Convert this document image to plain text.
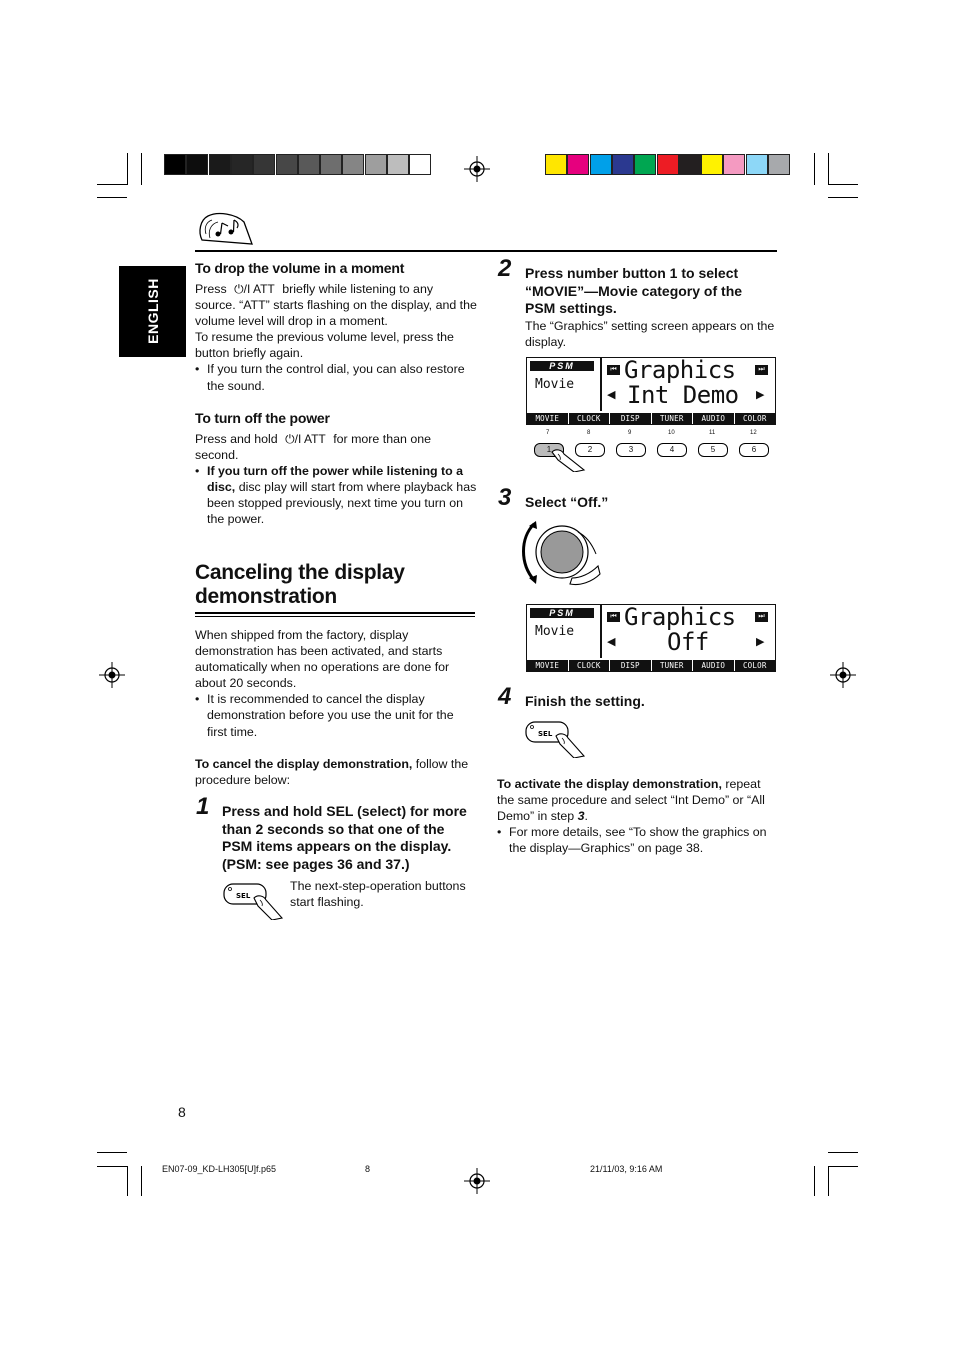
ENGLISH
To drop the volume in a moment
Press ⏻/I ATT briefly while listening to any source. “ATT” starts flashing on the display, and the volume level will drop in a moment.
To resume the previous volume level, press the button briefly again.
• If you turn the control dial, you can also restore the sound.
To turn off the power
Press and hold ⏻/I ATT for more than one second.
• If you turn off the power while listening to a disc, disc play will start from where playback has been stopped previously, next time you turn on the power.
Canceling the display
demonstration
When shipped from the factory, display demonstration has been activated, and starts automatically when no operations are done for about 20 seconds.
• It is recommended to cancel the display demonstration before you use the unit for the first time.
To cancel the display demonstration, follow the procedure below:
1 Press and hold SEL (select) for more than 2 seconds so that one of the PSM items appears on the display. (PSM: see pages 36 and 37.)
SEL
The next-step-operation buttons start flashing.
2 Press number button 1 to select “MOVIE”—Movie category of the PSM settings.
The “Graphics” setting screen appears on the display.
PSM
Movie
⏮	⏭
◀	▶
Graphics
Int Demo
MOVIE	CLOCK	DISP	TUNER	AUDIO	COLOR
7	8	9	10	11	12
1	2	3	4	5	6
3 Select “Off.”
PSM
Movie
⏮	⏭
◀	▶
Graphics
Off
MOVIE	CLOCK	DISP	TUNER	AUDIO	COLOR
4 Finish the setting.
SEL
To activate the display demonstration, repeat the same procedure and select “Int Demo” or “All Demo” in step 3.
• For more details, see “To show the graphics on the display—Graphics” on page 38.
8
EN07-09_KD-LH305[U]f.p65	8	21/11/03, 9:16 AM
